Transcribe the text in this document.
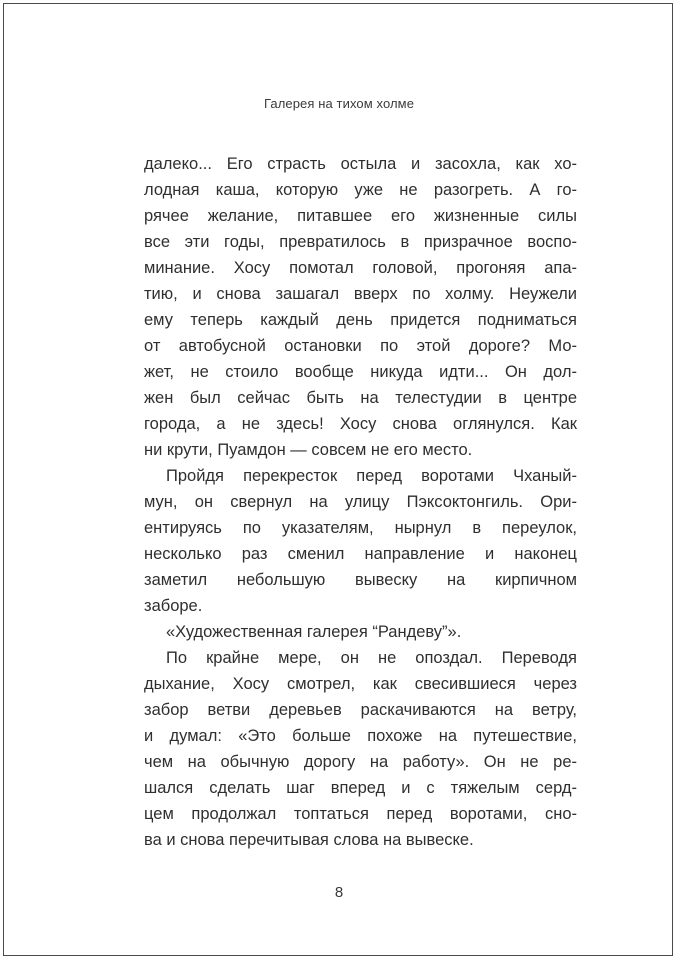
Галерея на тихом холме
далеко... Его страсть остыла и засохла, как хо-
лодная каша, которую уже не разогреть. А го-
рячее желание, питавшее его жизненные силы
все эти годы, превратилось в призрачное воспо-
минание. Хосу помотал головой, прогоняя апа-
тию, и снова зашагал вверх по холму. Неужели
ему теперь каждый день придется подниматься
от автобусной остановки по этой дороге? Мо-
жет, не стоило вообще никуда идти... Он дол-
жен был сейчас быть на телестудии в центре
города, а не здесь! Хосу снова оглянулся. Как
ни крути, Пуамдон — совсем не его место.
Пройдя перекресток перед воротами Чханый-
мун, он свернул на улицу Пэксоктонгиль. Ори-
ентируясь по указателям, нырнул в переулок,
несколько раз сменил направление и наконец
заметил небольшую вывеску на кирпичном
заборе.
«Художественная галерея “Рандеву”».
По крайне мере, он не опоздал. Переводя
дыхание, Хосу смотрел, как свесившиеся через
забор ветви деревьев раскачиваются на ветру,
и думал: «Это больше похоже на путешествие,
чем на обычную дорогу на работу». Он не ре-
шался сделать шаг вперед и с тяжелым серд-
цем продолжал топтаться перед воротами, сно-
ва и снова перечитывая слова на вывеске.
8
